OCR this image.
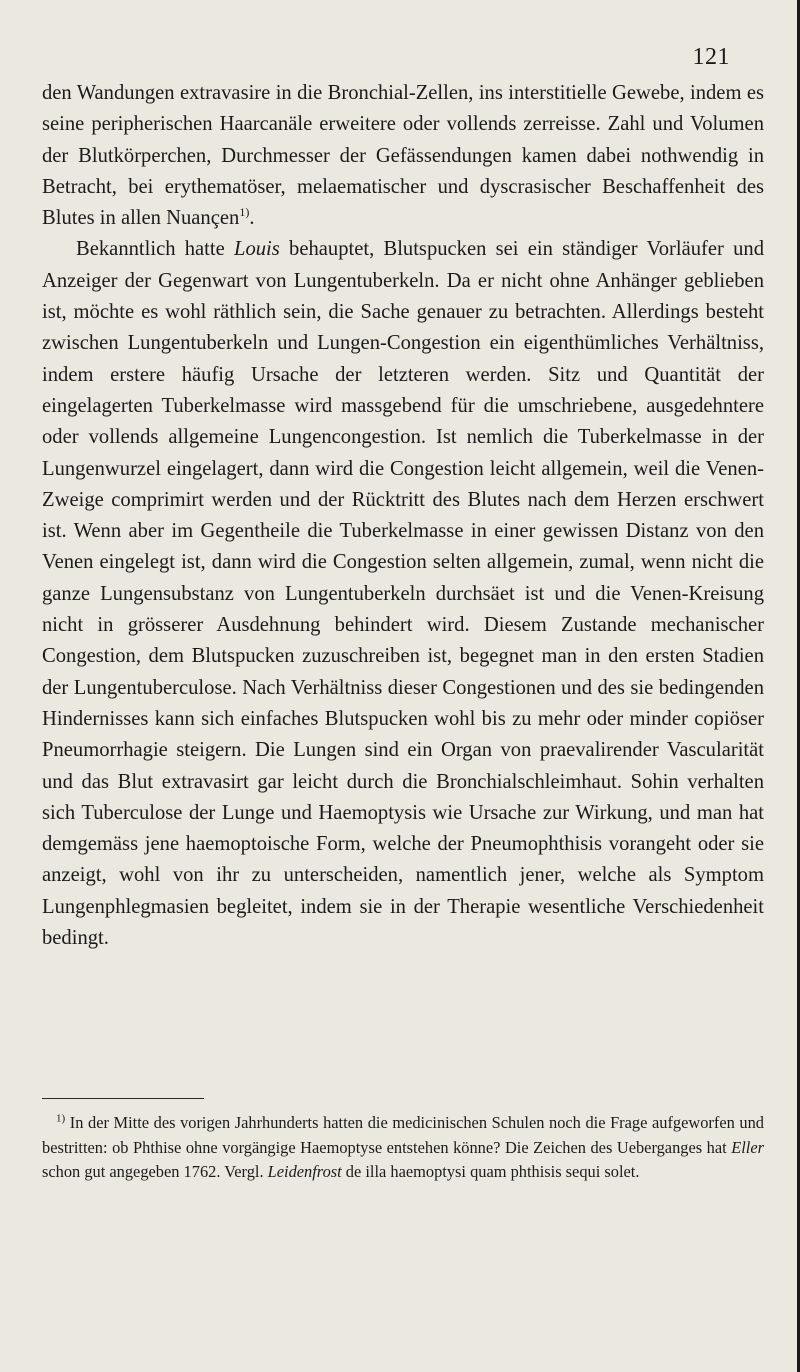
121

den Wandungen extravasire in die Bronchial-Zellen, ins interstitielle Gewebe, indem es seine peripherischen Haarcanäle erweitere oder vollends zerreisse. Zahl und Volumen der Blutkörperchen, Durchmesser der Gefässendungen kamen dabei nothwendig in Betracht, bei erythematöser, melaematischer und dyscrasischer Beschaffenheit des Blutes in allen Nuançen$^{1)}$.

Bekanntlich hatte Louis behauptet, Blutspucken sei ein ständiger Vorläufer und Anzeiger der Gegenwart von Lungentuberkeln. Da er nicht ohne Anhänger geblieben ist, möchte es wohl räthlich sein, die Sache genauer zu betrachten. Allerdings besteht zwischen Lungentuberkeln und Lungen-Congestion ein eigenthümliches Verhältniss, indem erstere häufig Ursache der letzteren werden. Sitz und Quantität der eingelagerten Tuberkelmasse wird massgebend für die umschriebene, ausgedehntere oder vollends allgemeine Lungencongestion. Ist nemlich die Tuberkelmasse in der Lungenwurzel eingelagert, dann wird die Congestion leicht allgemein, weil die Venen-Zweige comprimirt werden und der Rücktritt des Blutes nach dem Herzen erschwert ist. Wenn aber im Gegentheile die Tuberkelmasse in einer gewissen Distanz von den Venen eingelegt ist, dann wird die Congestion selten allgemein, zumal, wenn nicht die ganze Lungensubstanz von Lungentuberkeln durchsäet ist und die Venen-Kreisung nicht in grösserer Ausdehnung behindert wird. Diesem Zustande mechanischer Congestion, dem Blutspucken zuzuschreiben ist, begegnet man in den ersten Stadien der Lungentuberculose. Nach Verhältniss dieser Congestionen und des sie bedingenden Hindernisses kann sich einfaches Blutspucken wohl bis zu mehr oder minder copiöser Pneumorrhagie steigern. Die Lungen sind ein Organ von praevalirender Vascularität und das Blut extravasirt gar leicht durch die Bronchialschleimhaut. Sohin verhalten sich Tuberculose der Lunge und Haemoptysis wie Ursache zur Wirkung, und man hat demgemäss jene haemoptoische Form, welche der Pneumophthisis vorangeht oder sie anzeigt, wohl von ihr zu unterscheiden, namentlich jener, welche als Symptom Lungenphlegmasien begleitet, indem sie in der Therapie wesentliche Verschiedenheit bedingt.

$^{1)}$ In der Mitte des vorigen Jahrhunderts hatten die medicinischen Schulen noch die Frage aufgeworfen und bestritten: ob Phthise ohne vorgängige Haemoptyse entstehen könne? Die Zeichen des Ueberganges hat Eller schon gut angegeben 1762. Vergl. Leidenfrost de illa haemoptysi quam phthisis sequi solet.
